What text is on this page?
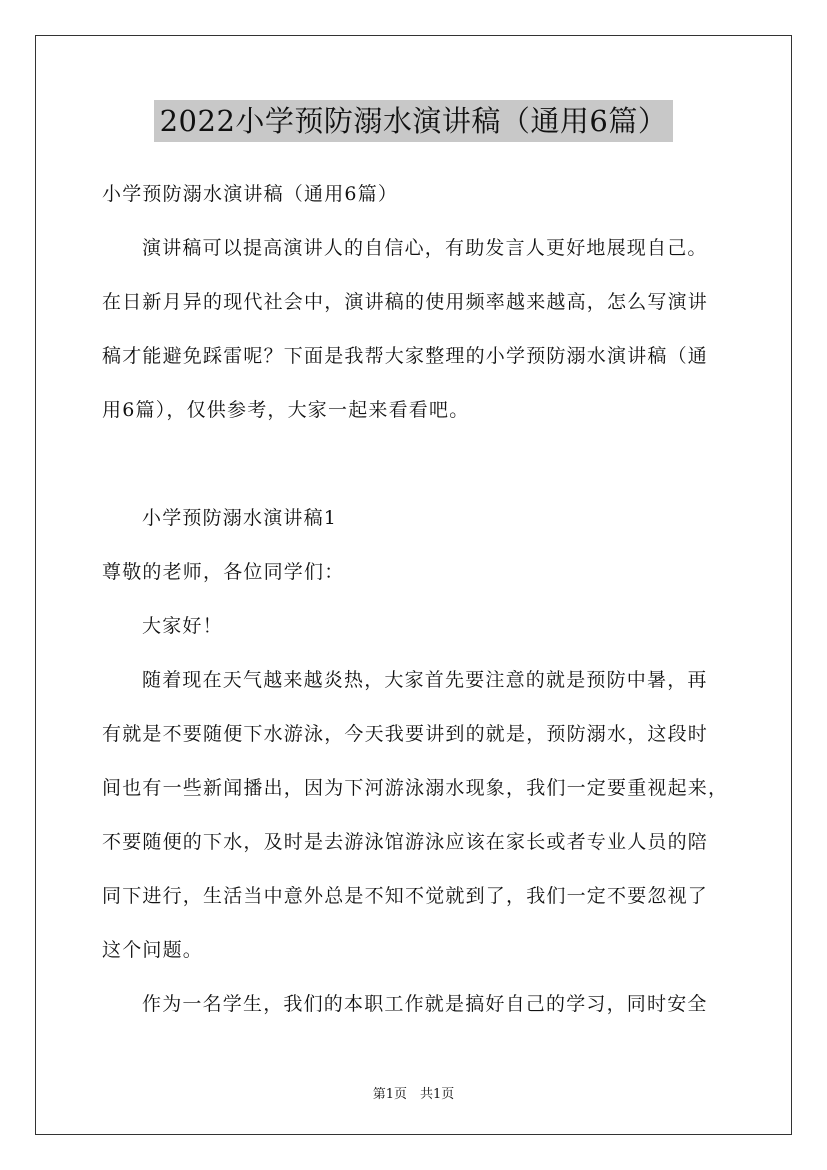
2022小学预防溺水演讲稿（通用6篇）
小学预防溺水演讲稿（通用6篇）
演讲稿可以提高演讲人的自信心，有助发言人更好地展现自己。
在日新月异的现代社会中，演讲稿的使用频率越来越高，怎么写演讲
稿才能避免踩雷呢？下面是我帮大家整理的小学预防溺水演讲稿（通
用6篇），仅供参考，大家一起来看看吧。
小学预防溺水演讲稿1
尊敬的老师，各位同学们：
大家好！
随着现在天气越来越炎热，大家首先要注意的就是预防中暑，再
有就是不要随便下水游泳，今天我要讲到的就是，预防溺水，这段时
间也有一些新闻播出，因为下河游泳溺水现象，我们一定要重视起来，
不要随便的下水，及时是去游泳馆游泳应该在家长或者专业人员的陪
同下进行，生活当中意外总是不知不觉就到了，我们一定不要忽视了
这个问题。
作为一名学生，我们的本职工作就是搞好自己的学习，同时安全
第1页　共1页
